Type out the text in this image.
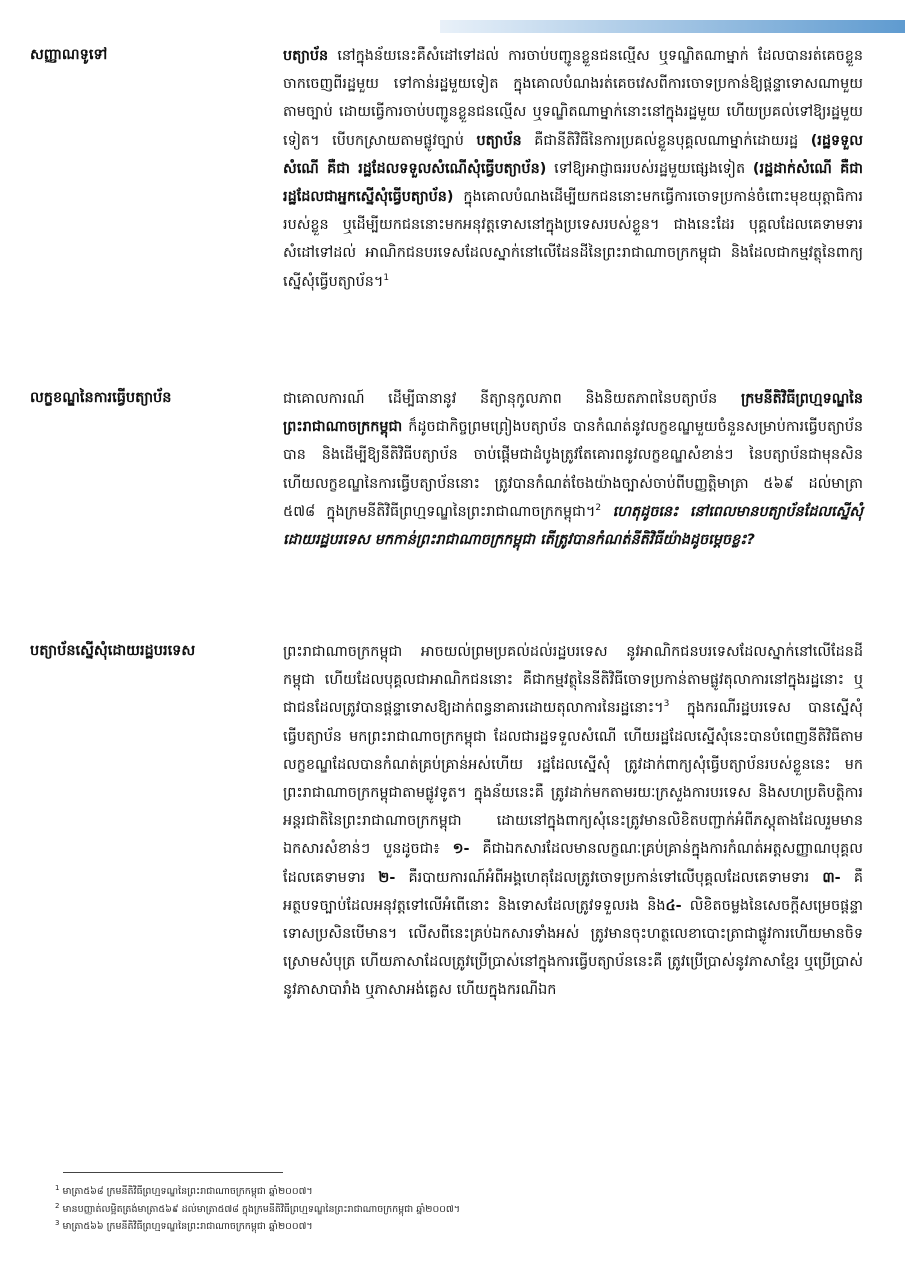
សញ្ញាណទូទៅ	បត្យាប័ន នៅក្នុងន័យនេះគឺសំដៅទៅដល់ ការចាប់បញ្ជូនខ្លួនជនល្មើស ឬទណ្ឌិតណាម្នាក់ ដែលបានរត់គេចខ្លួនចាកចេញពីរដ្ឋមួយ ទៅកាន់រដ្ឋមួយទៀត ក្នុងគោលបំណងរត់គេចវេសពីការចោទប្រកាន់ឱ្យផ្តន្ទាទោសណាមួយតាមច្បាប់ ដោយធ្វើការចាប់បញ្ជូនខ្លួនជនល្មើស ឬទណ្ឌិតណាម្នាក់នោះនៅក្នុងរដ្ឋមួយ ហើយប្រគល់ទៅឱ្យរដ្ឋមួយទៀត។ បើបកស្រាយតាមផ្លូវច្បាប់ បត្យាប័ន គឺជានីតិវិធីនៃការប្រគល់ខ្លួនបុគ្គលណាម្នាក់ដោយរដ្ឋ (រដ្ឋទទួលសំណើ គឺជា រដ្ឋដែលទទួលសំណើសុំធ្វើបត្យាប័ន) ទៅឱ្យអាជ្ញាធររបស់រដ្ឋមួយផ្សេងទៀត (រដ្ឋដាក់សំណើ គឺជា រដ្ឋដែលជាអ្នកស្នើសុំធ្វើបត្យាប័ន) ក្នុងគោលបំណងដើម្បីយកជននោះមកធ្វើការចោទប្រកាន់ចំពោះមុខយុត្តាធិការរបស់ខ្លួន ឬដើម្បីយកជននោះមកអនុវត្តទោសនៅក្នុងប្រទេសរបស់ខ្លួន។ ជាងនេះដែរ បុគ្គលដែលគេទាមទារសំដៅទៅដល់ អាណិកជនបរទេសដែលស្នាក់នៅលើដែនដីនៃព្រះរាជាណាចក្រកម្ពុជា និងដែលជាកម្មវត្ថុនៃពាក្យស្នើសុំធ្វើបត្យាប័ន។$^1$
លក្ខខណ្ឌនៃការធ្វើបត្យាប័ន	ជាគោលការណ៍ ដើម្បីធានានូវ នីត្យានុកូលភាព និងនិយតភាពនៃបត្យាប័ន ក្រមនីតិវិធីព្រហ្មទណ្ឌនៃព្រះរាជាណាចក្រកម្ពុជា ក៏ដូចជាកិច្ចព្រមព្រៀងបត្យាប័ន បានកំណត់នូវលក្ខខណ្ឌមួយចំនួនសម្រាប់ការធ្វើបត្យាប័នបាន និងដើម្បីឱ្យនីតិវិធីបត្យាប័ន ចាប់ផ្តើមជាដំបូងត្រូវតែគោរពនូវលក្ខខណ្ឌសំខាន់ៗ នៃបត្យាប័នជាមុនសិន ហើយលក្ខខណ្ឌនៃការធ្វើបត្យាប័ននោះ ត្រូវបានកំណត់ចែងយ៉ាងច្បាស់ចាប់ពីបញ្ញត្តិមាត្រា ៥៦៩ ដល់មាត្រា ៥៧៨ ក្នុងក្រមនីតិវិធីព្រហ្មទណ្ឌនៃព្រះរាជាណាចក្រកម្ពុជា។$^2$ ហេតុដូចនេះ នៅពេលមានបត្យាប័នដែលស្នើសុំដោយរដ្ឋបរទេស មកកាន់ព្រះរាជាណាចក្រកម្ពុជា តើត្រូវបានកំណត់នីតិវិធីយ៉ាងដូចម្តេចខ្លះ?
បត្យាប័នស្នើសុំដោយរដ្ឋបរទេស	ព្រះរាជាណាចក្រកម្ពុជា អាចយល់ព្រមប្រគល់ដល់រដ្ឋបរទេស នូវអាណិកជនបរទេសដែលស្នាក់នៅលើដែនដីកម្ពុជា ហើយដែលបុគ្គលជាអាណិកជននោះ គឺជាកម្មវត្ថុនៃនីតិវិធីចោទប្រកាន់តាមផ្លូវតុលាការនៅក្នុងរដ្ឋនោះ ឬ ជាជនដែលត្រូវបានផ្តន្ទាទោសឱ្យដាក់ពន្ធនាគារដោយតុលាការនៃរដ្ឋនោះ។$^3$ ក្នុងករណីរដ្ឋបរទេស បានស្នើសុំធ្វើបត្យាប័ន មកព្រះរាជាណាចក្រកម្ពុជា ដែលជារដ្ឋទទួលសំណើ ហើយរដ្ឋដែលស្នើសុំនេះបានបំពេញនីតិវិធីតាមលក្ខខណ្ឌដែលបានកំណត់គ្រប់គ្រាន់អស់ហើយ រដ្ឋដែលស្នើសុំ ត្រូវដាក់ពាក្យសុំធ្វើបត្យាប័នរបស់ខ្លួននេះ មកព្រះរាជាណាចក្រកម្ពុជាតាមផ្លូវទូត។ ក្នុងន័យនេះគឺ ត្រូវដាក់មកតាមរយៈក្រសួងការបរទេស និងសហប្រតិបត្តិការអន្តរជាតិនៃព្រះរាជាណាចក្រកម្ពុជា ដោយនៅក្នុងពាក្យសុំនេះត្រូវមានលិខិតបញ្ជាក់អំពីភស្តុតាងដែលរួមមានឯកសារសំខាន់ៗ បួនដូចជា៖ ១- គឺជាឯកសារដែលមានលក្ខណៈគ្រប់គ្រាន់ក្នុងការកំណត់អត្តសញ្ញាណបុគ្គលដែលគេទាមទារ ២- គឺរបាយការណ៍អំពីអង្គហេតុដែលត្រូវចោទប្រកាន់ទៅលើបុគ្គលដែលគេទាមទារ ៣- គឺអត្ថបទច្បាប់ដែលអនុវត្តទៅលើអំពើនោះ និងទោសដែលត្រូវទទួលរង និង៤- លិខិតចម្លងនៃសេចក្តីសម្រេចផ្តន្ទាទោសប្រសិនបើមាន។ លើសពីនេះគ្រប់ឯកសារទាំងអស់ ត្រូវមានចុះហត្ថលេខាបោះត្រាជាផ្លូវការហើយមានចិទស្រោមសំបុត្រ ហើយភាសាដែលត្រូវប្រើប្រាស់នៅក្នុងការធ្វើបត្យាប័ននេះគឺ ត្រូវប្រើប្រាស់នូវភាសាខ្មែរ ឬប្រើប្រាស់នូវភាសាបារាំង ឬភាសាអង់គ្លេស ហើយក្នុងករណីឯក
$^1$ មាត្រា៥៦៨ ក្រមនីតិវិធីព្រហ្មទណ្ឌនៃព្រះរាជាណាចក្រកម្ពុជា ឆ្នាំ២០០៧។
$^2$ មានបញ្ញាត់លម្អិតត្រង់មាត្រា៥៦៩ ដល់មាត្រា៥៧៨ ក្នុងក្រមនីតិវិធីព្រហ្មទណ្ឌនៃព្រះរាជាណាចក្រកម្ពុជា ឆ្នាំ២០០៧។
$^3$ មាត្រា៥៦៦ ក្រមនីតិវិធីព្រហ្មទណ្ឌនៃព្រះរាជាណាចក្រកម្ពុជា ឆ្នាំ២០០៧។
